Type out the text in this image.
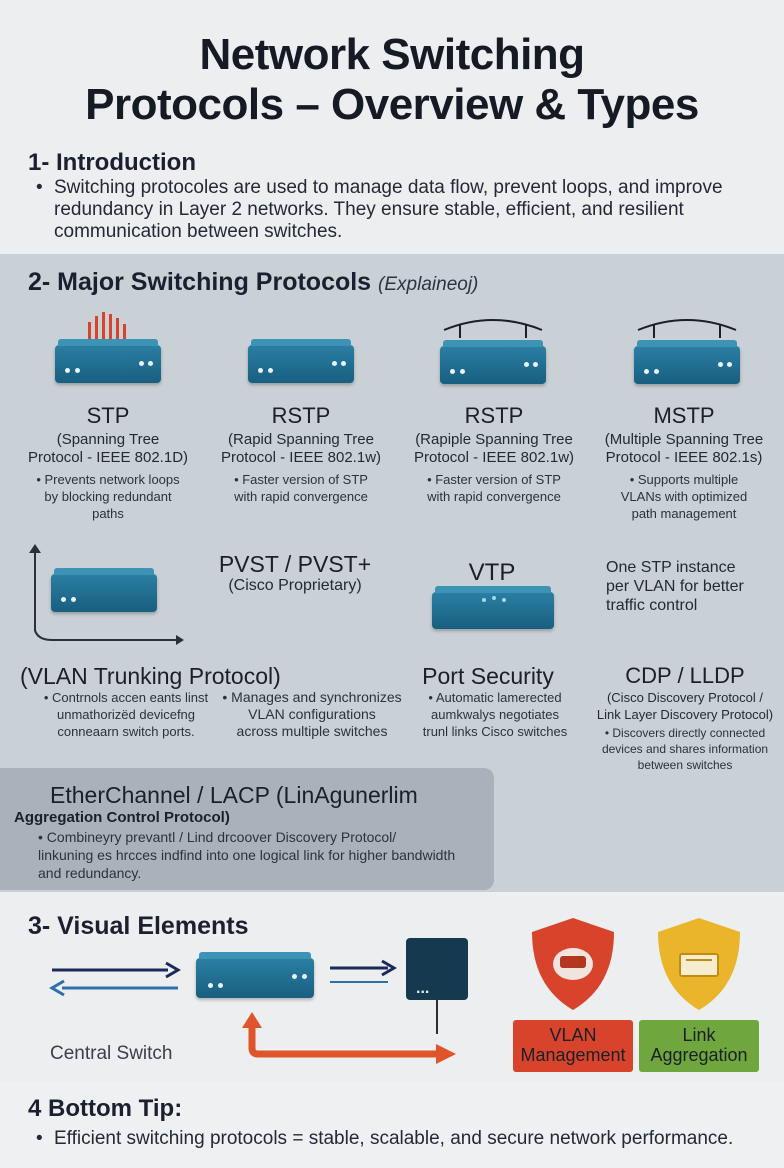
Network Switching
Protocols – Overview & Types
1- Introduction
• Switching protocoles are used to manage data flow, prevent loops, and improve redundancy in Layer 2 networks. They ensure stable, efficient, and resilient communication between switches.
2- Major Switching Protocols (Explaineoj)
STP
(Spanning Tree
Protocol - IEEE 802.1D)
• Prevents network loops
by blocking redundant
paths
RSTP
(Rapid Spanning Tree
Protocol - IEEE 802.1w)
• Faster version of STP
with rapid convergence
RSTP
(Rapiple Spanning Tree
Protocol - IEEE 802.1w)
• Faster version of STP
with rapid convergence
MSTP
(Multiple Spanning Tree
Protocol - IEEE 802.1s)
• Supports multiple
VLANs with optimized
path management
PVST / PVST+
(Cisco Proprietary)	VTP	One STP instance
per VLAN for better
traffic control
(VLAN Trunking Protocol)
• Contrnols accen eants linst
unmathorizëd devicefng
conneaarn switch ports.
• Manages and synchronizes
VLAN configurations
across multiple switches
Port Security
• Automatic lamerected
aumkwalys negotiates
trunl links Cisco switches
CDP / LLDP
(Cisco Discovery Protocol /
Link Layer Discovery Protocol)
• Discovers directly connected
devices and shares information
between switches
EtherChannel / LACP (LinAgunerlim
Aggregation Control Protocol)
• Combineyry prevantl / Lind drcoover Discovery Protocol/
linkuning es hrcces indfind into one logical link for higher bandwidth
and redundancy.
3- Visual Elements
...
Central Switch
VLAN
Management
Link
Aggregation
4 Bottom Tip:
• Efficient switching protocols = stable, scalable, and secure network performance.
